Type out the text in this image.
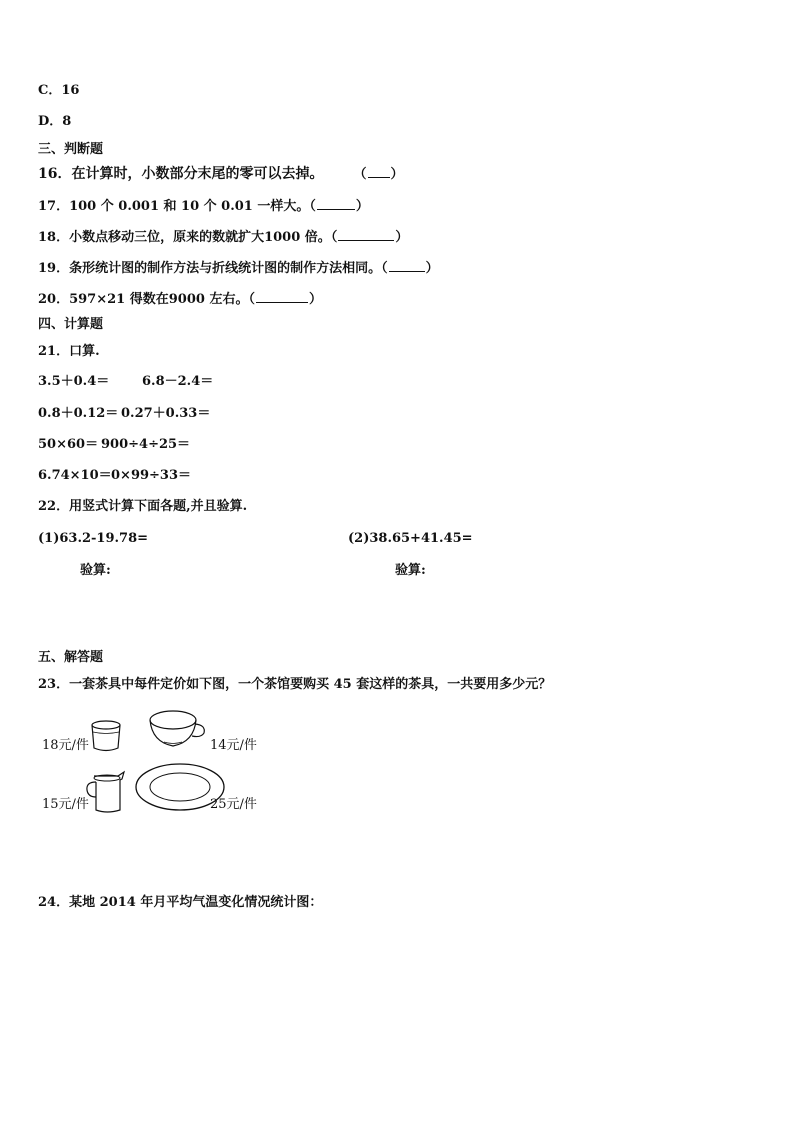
C．16
D．8
三、判断题
16．在计算时，小数部分末尾的零可以去掉。 （ ）
17．100 个 0.001 和 10 个 0.01 一样大。（	）
18．小数点移动三位，原来的数就扩大1000 倍。（	）
19．条形统计图的制作方法与折线统计图的制作方法相同。（	）
20．597×21 得数在9000 左右。（	）
四、计算题
21．口算.
3.5＋0.4＝	6.8－2.4＝
0.8＋0.12＝ 0.27＋0.33＝
50×60＝ 900÷4÷25＝
6.74×10＝ 0×99÷33＝
22．用竖式计算下面各题,并且验算.
(1)63.2-19.78=	(2)38.65+41.45=
验算:	验算:
五、解答题
23．一套茶具中每件定价如下图，一个茶馆要购买 45 套这样的茶具，一共要用多少元？
18元/件	14元/件
15元/件	25元/件
24．某地 2014 年月平均气温变化情况统计图：
